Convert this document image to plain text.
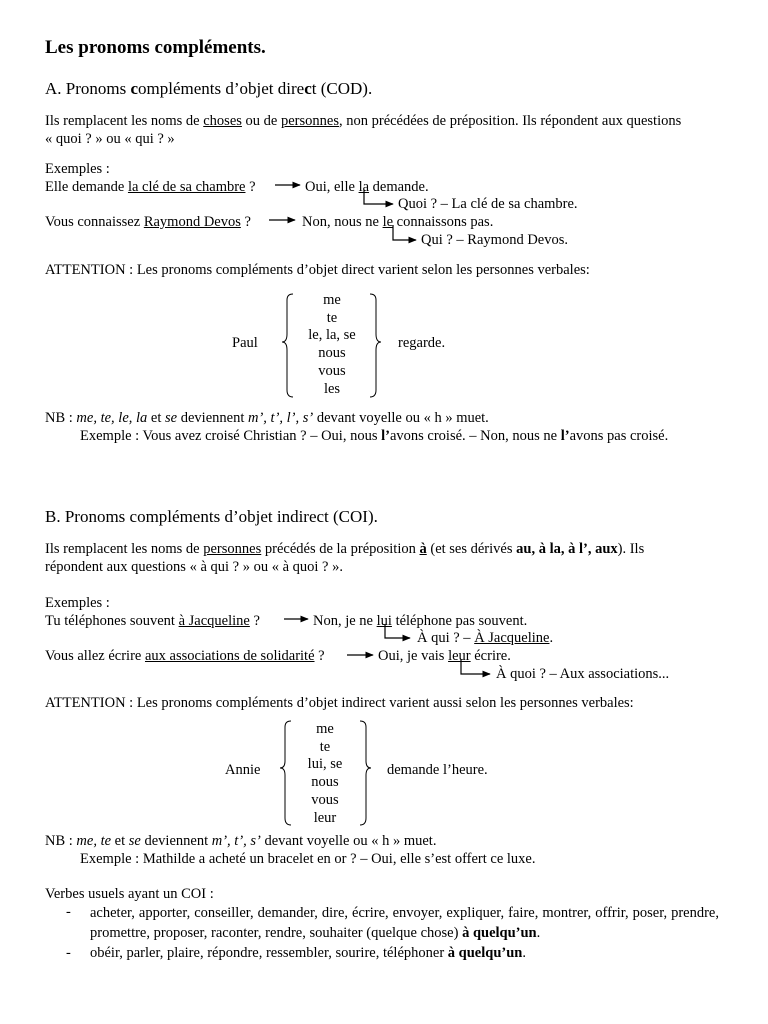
Les pronoms compléments.
A. Pronoms compléments d’objet direct (COD).
Ils remplacent les noms de choses ou de personnes, non précédées de préposition. Ils répondent aux questions
« quoi ? » ou « qui ? »
Exemples :
Elle demande la clé de sa chambre ?	Oui, elle la demande.
Quoi ? – La clé de sa chambre.
Vous connaissez Raymond Devos ?	Non, nous ne le connaissons pas.
Qui ? – Raymond Devos.
ATTENTION : Les pronoms compléments d’objet direct varient selon les personnes verbales:
Paul
me
te
le, la, se
nous
vous
les
regarde.
NB : me, te, le, la et se deviennent m’, t’, l’, s’ devant voyelle ou « h » muet.
Exemple : Vous avez croisé Christian ? – Oui, nous l’avons croisé. – Non, nous ne l’avons pas croisé.
B. Pronoms compléments d’objet indirect (COI).
Ils remplacent les noms de personnes précédés de la préposition à (et ses dérivés au, à la, à l’, aux). Ils
répondent aux questions « à qui ? » ou « à quoi ? ».
Exemples :
Tu téléphones souvent à Jacqueline ?	Non, je ne lui téléphone pas souvent.
À qui ? – À Jacqueline.
Vous allez écrire aux associations de solidarité ?	Oui, je vais leur écrire.
À quoi ? – Aux associations...
ATTENTION : Les pronoms compléments d’objet indirect varient aussi selon les personnes verbales:
Annie
me
te
lui, se
nous
vous
leur
demande l’heure.
NB : me, te et se deviennent m’, t’, s’ devant voyelle ou « h » muet.
Exemple : Mathilde a acheté un bracelet en or ? – Oui, elle s’est offert ce luxe.
Verbes usuels ayant un COI :
- acheter, apporter, conseiller, demander, dire, écrire, envoyer, expliquer, faire, montrer, offrir, poser, prendre, promettre, proposer, raconter, rendre, souhaiter (quelque chose) à quelqu’un.
- obéir, parler, plaire, répondre, ressembler, sourire, téléphoner à quelqu’un.
